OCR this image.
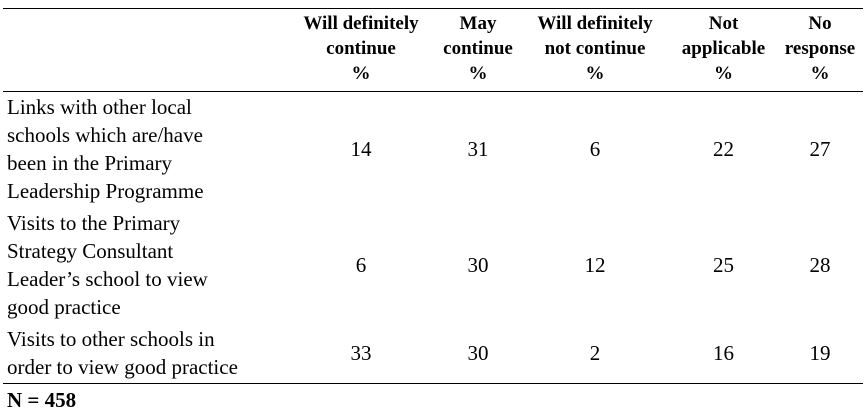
	Will definitely
continue
%	May
continue
%	Will definitely
not continue
%	Not
applicable
%	No
response
%

Links with other local
schools which are/have
been in the Primary
Leadership Programme	14	31	6	22	27

Visits to the Primary
Strategy Consultant
Leader’s school to view
good practice	6	30	12	25	28

Visits to other schools in
order to view good practice	33	30	2	16	19
N = 458
